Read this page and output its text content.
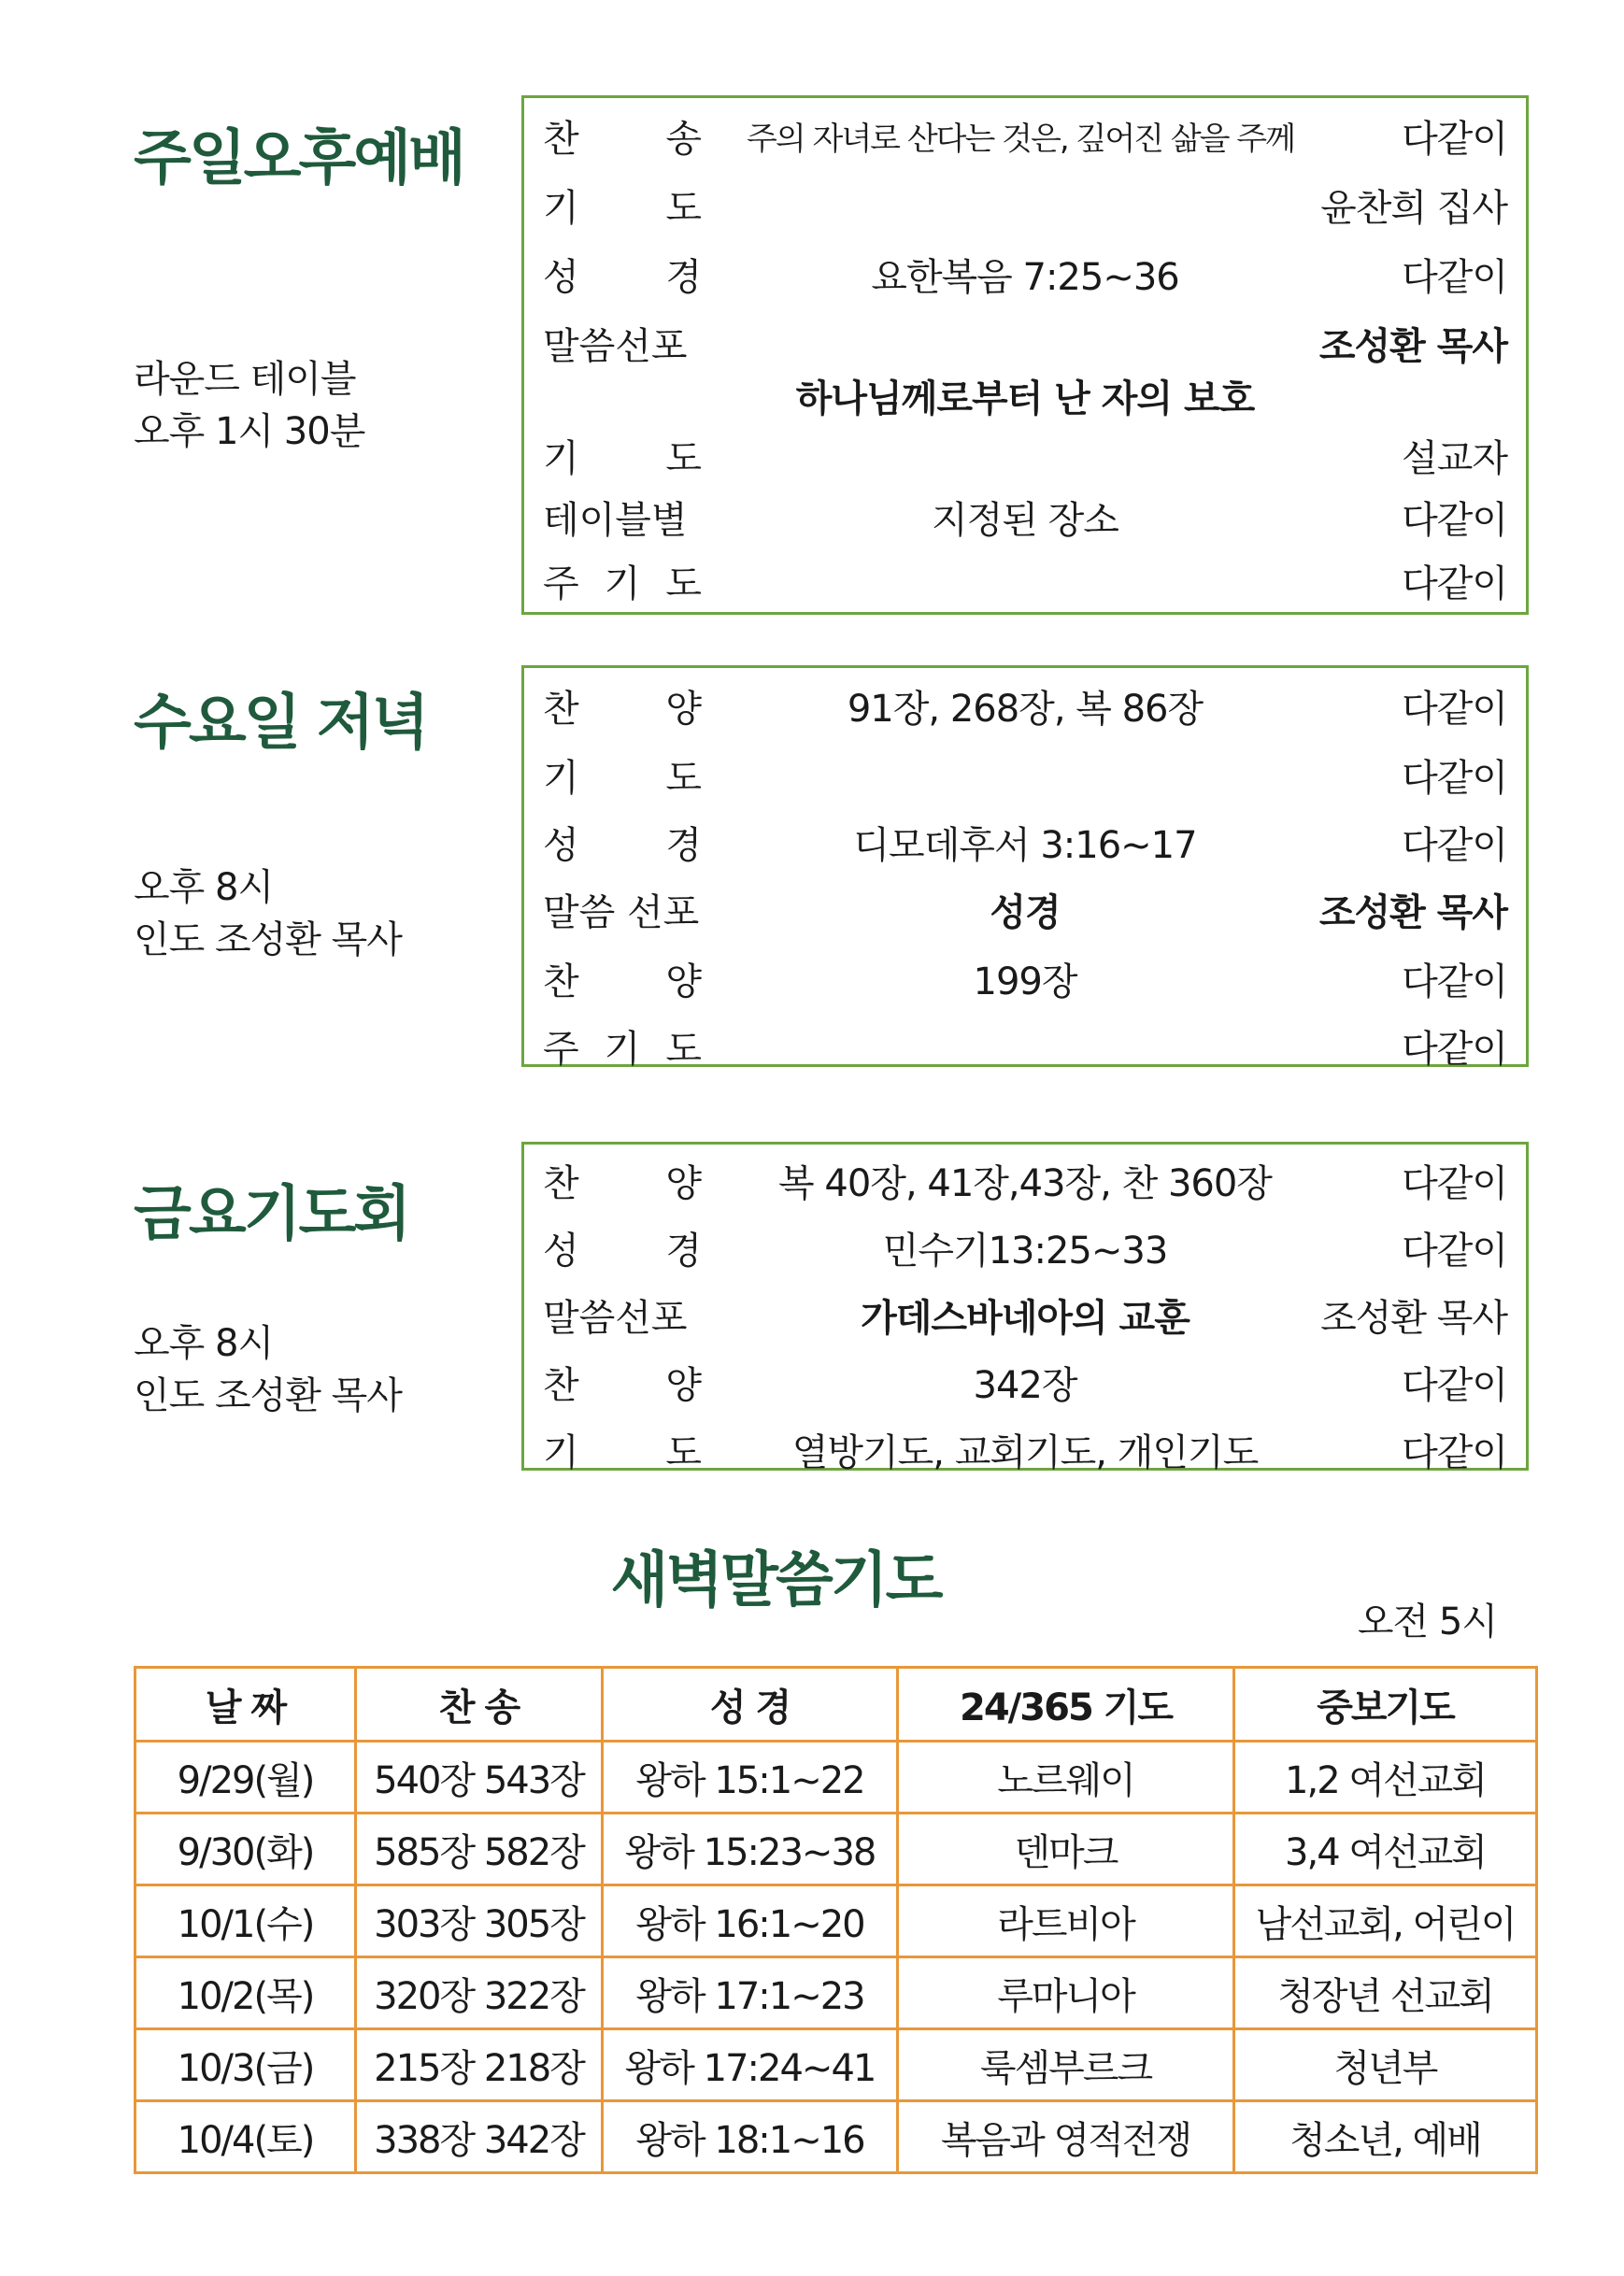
주일오후예배
라운드 테이블
오후 1시 30분
찬 송	주의 자녀로 산다는 것은, 깊어진 삶을 주께	다같이
기 도	윤찬희 집사
성 경	요한복음 7:25~36	다같이
말씀선포	조성환 목사
하나님께로부터 난 자의 보호
기 도	설교자
테이블별	지정된 장소	다같이
주 기 도	다같이
수요일 저녁
오후 8시
인도 조성환 목사
찬 양	91장, 268장, 복 86장	다같이
기 도	다같이
성 경	디모데후서 3:16~17	다같이
말씀 선포	성경	조성환 목사
찬 양	199장	다같이
주 기 도	다같이
금요기도회
오후 8시
인도 조성환 목사
찬 양	복 40장, 41장,43장, 찬 360장	다같이
성 경	민수기13:25~33	다같이
말씀선포	가데스바네아의 교훈	조성환 목사
찬 양	342장	다같이
기 도	열방기도, 교회기도, 개인기도	다같이
새벽말씀기도
오전 5시
날 짜	찬 송	성 경	24/365 기도	중보기도
9/29(월)	540장 543장	왕하 15:1~22	노르웨이	1,2 여선교회
9/30(화)	585장 582장	왕하 15:23~38	덴마크	3,4 여선교회
10/1(수)	303장 305장	왕하 16:1~20	라트비아	남선교회, 어린이
10/2(목)	320장 322장	왕하 17:1~23	루마니아	청장년 선교회
10/3(금)	215장 218장	왕하 17:24~41	룩셈부르크	청년부
10/4(토)	338장 342장	왕하 18:1~16	복음과 영적전쟁	청소년, 예배
